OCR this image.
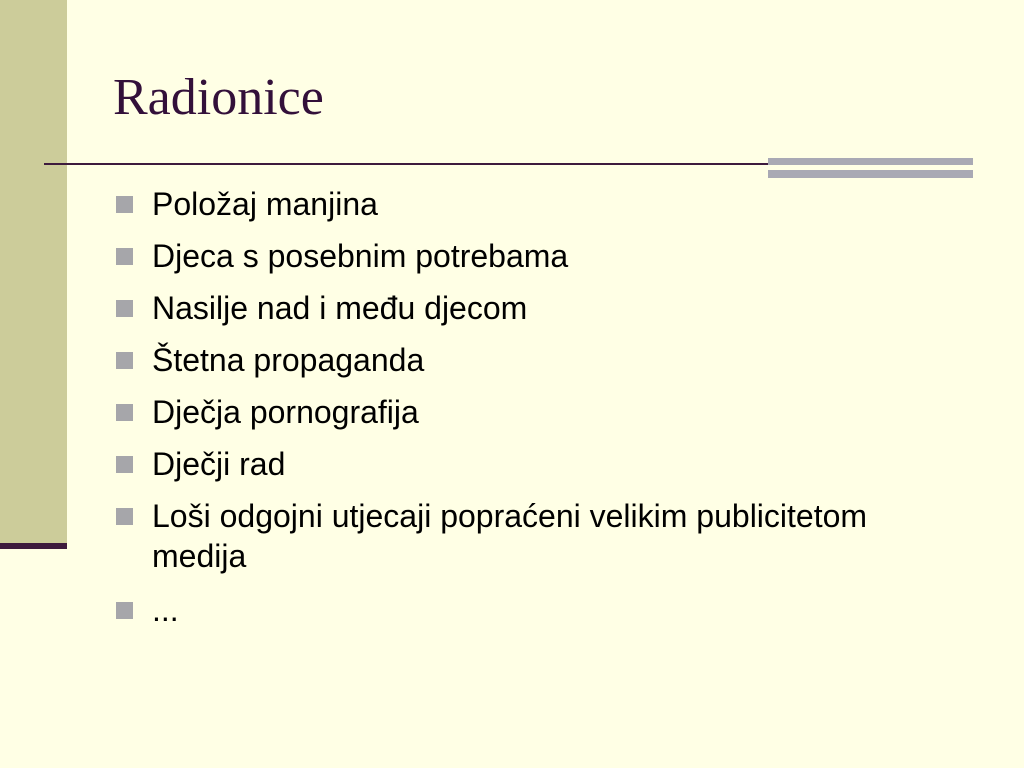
Radionice
Položaj manjina
Djeca s posebnim potrebama
Nasilje nad i među djecom
Štetna propaganda
Dječja pornografija
Dječji rad
Loši odgojni utjecaji popraćeni velikim publicitetom medija
...
